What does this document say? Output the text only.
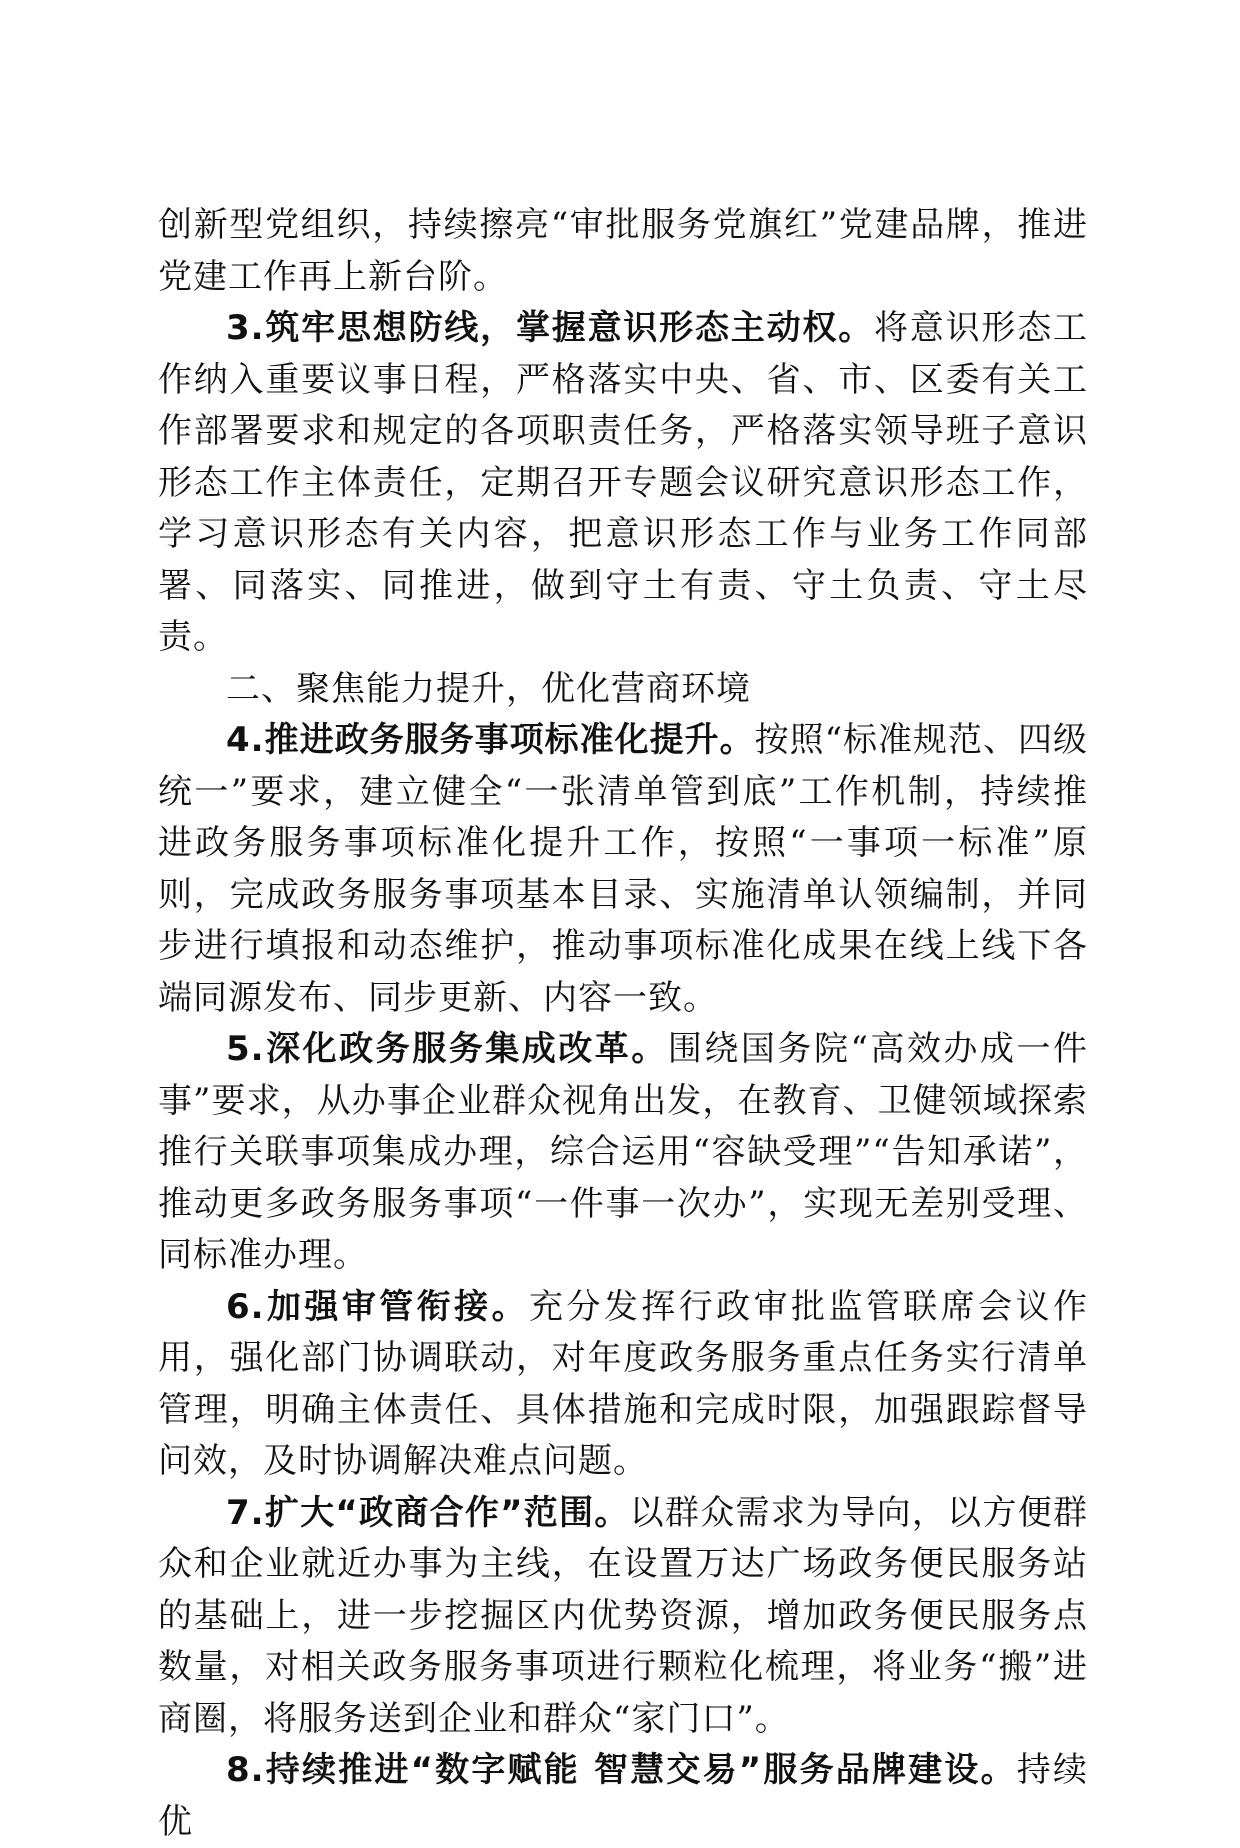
创新型党组织，持续擦亮“审批服务党旗红”党建品牌，推进党建工作再上新台阶。

3.筑牢思想防线，掌握意识形态主动权。将意识形态工作纳入重要议事日程，严格落实中央、省、市、区委有关工作部署要求和规定的各项职责任务，严格落实领导班子意识形态工作主体责任，定期召开专题会议研究意识形态工作，学习意识形态有关内容，把意识形态工作与业务工作同部署、同落实、同推进，做到守土有责、守土负责、守土尽责。

二、聚焦能力提升，优化营商环境

4.推进政务服务事项标准化提升。按照“标准规范、四级统一”要求，建立健全“一张清单管到底”工作机制，持续推进政务服务事项标准化提升工作，按照“一事项一标准”原则，完成政务服务事项基本目录、实施清单认领编制，并同步进行填报和动态维护，推动事项标准化成果在线上线下各端同源发布、同步更新、内容一致。

5.深化政务服务集成改革。围绕国务院“高效办成一件事”要求，从办事企业群众视角出发，在教育、卫健领域探索推行关联事项集成办理，综合运用“容缺受理”“告知承诺”，推动更多政务服务事项“一件事一次办”，实现无差别受理、同标准办理。

6.加强审管衔接。充分发挥行政审批监管联席会议作用，强化部门协调联动，对年度政务服务重点任务实行清单管理，明确主体责任、具体措施和完成时限，加强跟踪督导问效，及时协调解决难点问题。

7.扩大“政商合作”范围。以群众需求为导向，以方便群众和企业就近办事为主线，在设置万达广场政务便民服务站的基础上，进一步挖掘区内优势资源，增加政务便民服务点数量，对相关政务服务事项进行颗粒化梳理，将业务“搬”进商圈，将服务送到企业和群众“家门口”。

8.持续推进“数字赋能 智慧交易”服务品牌建设。持续优
